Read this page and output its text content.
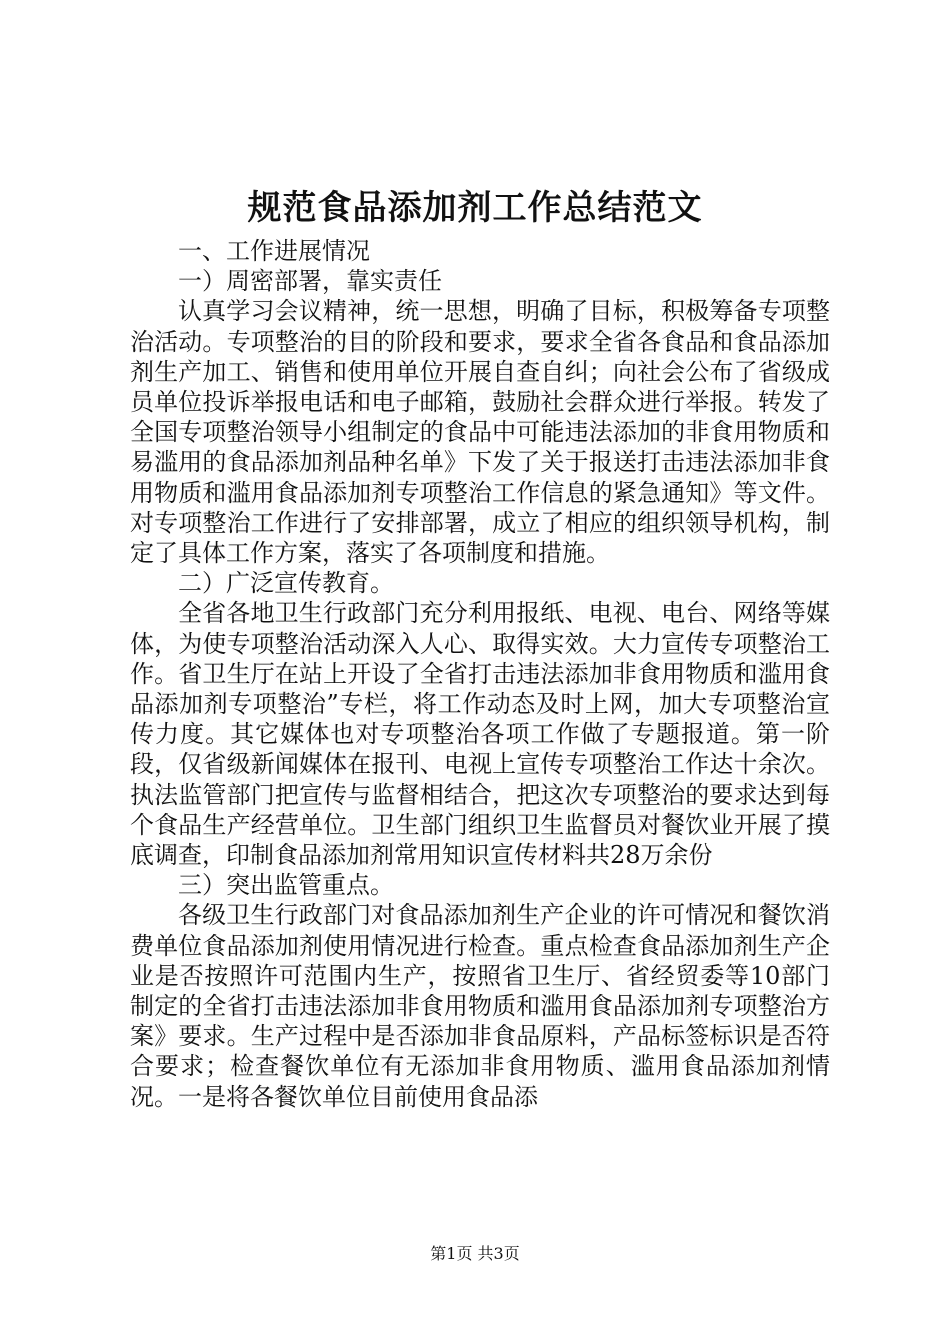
规范食品添加剂工作总结范文

一、工作进展情况

一）周密部署，靠实责任

认真学习会议精神，统一思想，明确了目标，积极筹备专项整治活动。专项整治的目的阶段和要求，要求全省各食品和食品添加剂生产加工、销售和使用单位开展自查自纠；向社会公布了省级成员单位投诉举报电话和电子邮箱，鼓励社会群众进行举报。转发了全国专项整治领导小组制定的食品中可能违法添加的非食用物质和易滥用的食品添加剂品种名单》下发了关于报送打击违法添加非食用物质和滥用食品添加剂专项整治工作信息的紧急通知》等文件。对专项整治工作进行了安排部署，成立了相应的组织领导机构，制定了具体工作方案，落实了各项制度和措施。

二）广泛宣传教育。

全省各地卫生行政部门充分利用报纸、电视、电台、网络等媒体，为使专项整治活动深入人心、取得实效。大力宣传专项整治工作。省卫生厅在站上开设了全省打击违法添加非食用物质和滥用食品添加剂专项整治”专栏，将工作动态及时上网，加大专项整治宣传力度。其它媒体也对专项整治各项工作做了专题报道。第一阶段，仅省级新闻媒体在报刊、电视上宣传专项整治工作达十余次。执法监管部门把宣传与监督相结合，把这次专项整治的要求达到每个食品生产经营单位。卫生部门组织卫生监督员对餐饮业开展了摸底调查，印制食品添加剂常用知识宣传材料共28万余份

三）突出监管重点。

各级卫生行政部门对食品添加剂生产企业的许可情况和餐饮消费单位食品添加剂使用情况进行检查。重点检查食品添加剂生产企业是否按照许可范围内生产，按照省卫生厅、省经贸委等10部门制定的全省打击违法添加非食用物质和滥用食品添加剂专项整治方案》要求。生产过程中是否添加非食品原料，产品标签标识是否符合要求；检查餐饮单位有无添加非食用物质、滥用食品添加剂情况。一是将各餐饮单位目前使用食品添

第1页 共3页
